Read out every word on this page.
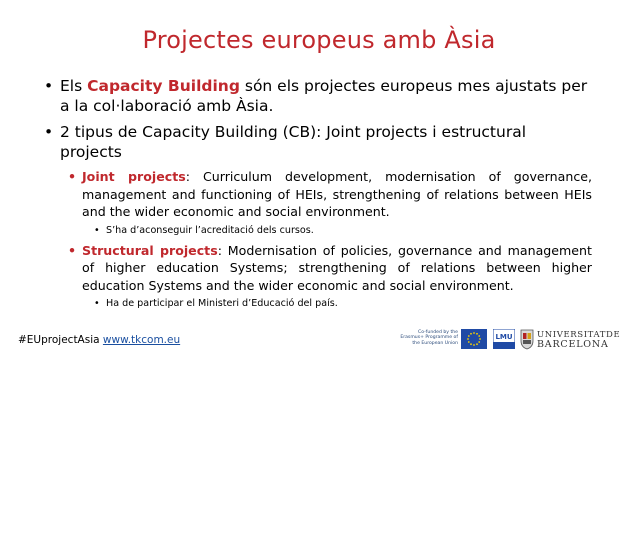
Projectes europeus amb Àsia
• Els Capacity Building són els projectes europeus mes ajustats per a la col·laboració amb Àsia.
• 2 tipus de Capacity Building (CB): Joint projects i estructural projects
• Joint projects: Curriculum development, modernisation of governance, management and functioning of HEIs, strengthening of relations between HEIs and the wider economic and social environment.
• S’ha d’aconseguir l’acreditació dels cursos.
• Structural projects: Modernisation of policies, governance and management of higher education Systems; strengthening of relations between higher education Systems and the wider economic and social environment.
• Ha de participar el Ministeri d’Educació del país.
#EUprojectAsia www.tkcom.eu
Co-funded by the Erasmus+ Programme of the European Union
LMU	UNIVERSITATDE
BARCELONA
